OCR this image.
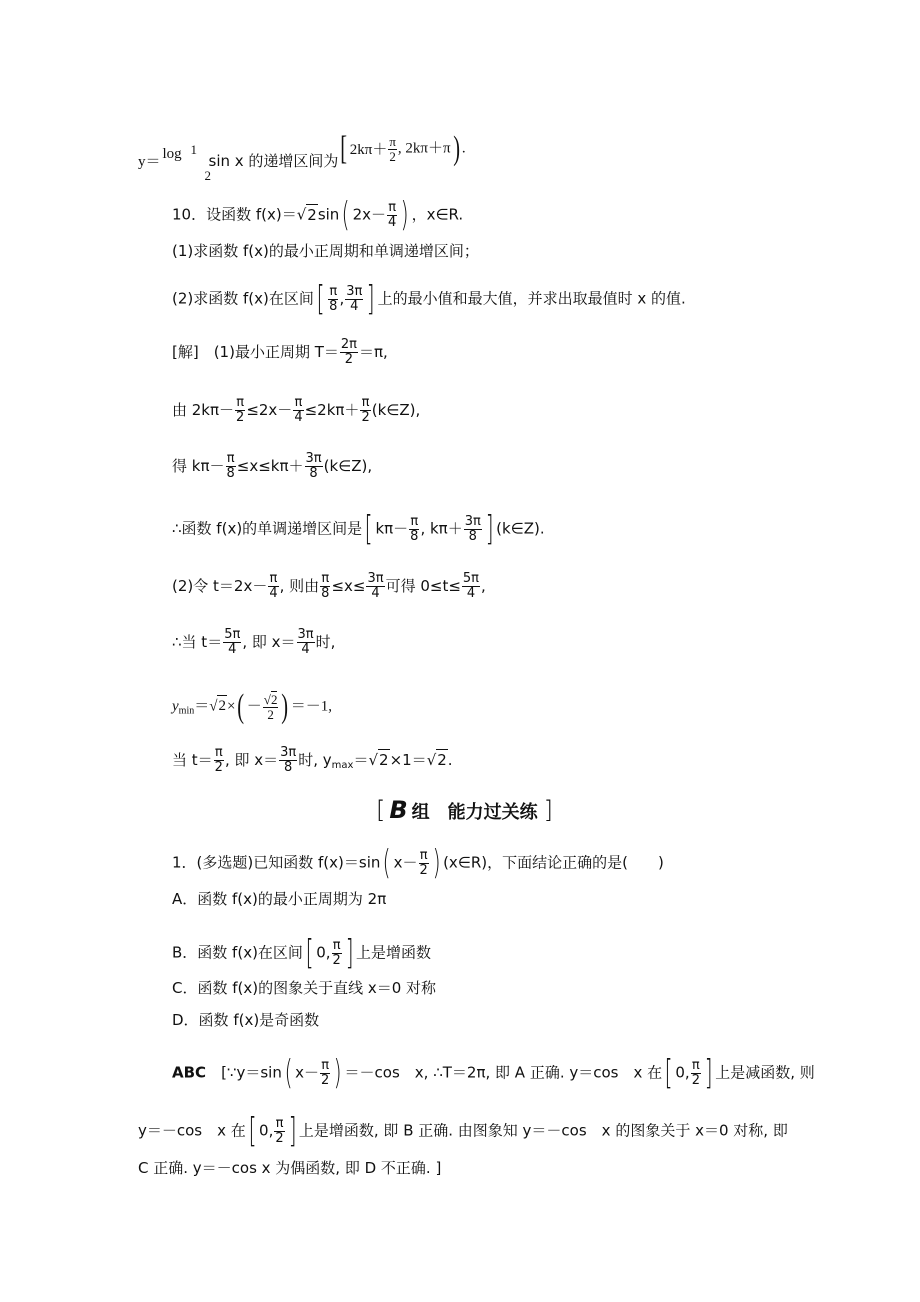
y＝ log 1
2
sin x 的递增区间为[ $2k\pi+ \frac{\pi}{2}$ , 2kπ＋π) .
10．设函数 f(x)＝√2sin( $2x- \frac{\pi}{4}$ ) ，x∈R.
(1)求函数 f(x)的最小正周期和单调递增区间；
(2)求函数 f(x)在区间[ $\frac{\pi}{8}$ , $\frac{3\pi}{4}$ ] 上的最小值和最大值，并求出取最值时 x 的值.
[解]　(1)最小正周期 $T= \frac{2\pi}{2} =\pi$,
由 $2k\pi- \frac{\pi}{2} \le 2x- \frac{\pi}{4} \le 2k\pi+ \frac{\pi}{2}$ (k∈Z),
得 $k\pi- \frac{\pi}{8} \le x\le k\pi+ \frac{3\pi}{8}$ (k∈Z),
∴函数 f(x)的单调递增区间是[ $k\pi- \frac{\pi}{8}$ , $k\pi+ \frac{3\pi}{8}$ ] (k∈Z).
(2)令 $t=2x- \frac{\pi}{4}$ , 则由 $\frac{\pi}{8} \le x\le \frac{3\pi}{4}$ 可得 $0\le t\le \frac{5\pi}{4}$ ,
∴当 $t= \frac{5\pi}{4}$ , 即 $x= \frac{3\pi}{4}$ 时,
$y_{min}=√2\times( - \frac{√2}{2}$ ) ＝－1,
当 $t= \frac{\pi}{2}$ , 即 $x= \frac{3\pi}{8}$ 时, $y_{max}=√2\times 1=√2$.
[ B 组　能力过关练 ]
1．(多选题)已知函数 f(x)＝sin( $x- \frac{\pi}{2}$ ) (x∈R)，下面结论正确的是(　　)
A．函数 f(x)的最小正周期为 2π
B．函数 f(x)在区间[ 0, $\frac{\pi}{2}$ ] 上是增函数
C．函数 f(x)的图象关于直线 x＝0 对称
D．函数 f(x)是奇函数
ABC　 [∵y＝sin( $x- \frac{\pi}{2}$ ) ＝－cos　x, ∴T＝2π, 即 A 正确. y＝cos　x 在[ 0, $\frac{\pi}{2}$ ] 上是减函数, 则
y＝－cos　x 在[ 0, $\frac{\pi}{2}$ ] 上是增函数, 即 B 正确. 由图象知 y＝－cos　x 的图象关于 x＝0 对称, 即
C 正确. y＝－cos x 为偶函数, 即 D 不正确. ]
